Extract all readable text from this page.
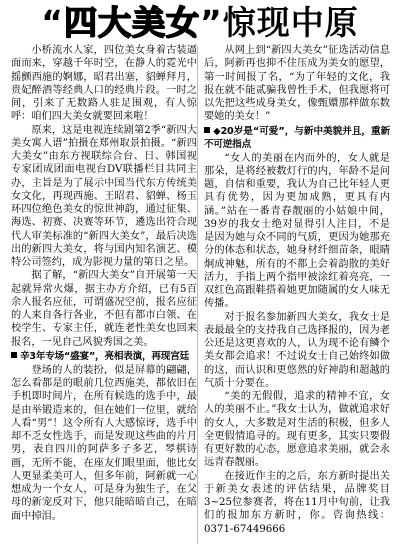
“四大美女”惊现中原

小桥流水人家，四位美女身着古装逼面而来，穿越千年时空，在静人的霓光中摇颤西施的婀娜，昭君出塞，貂蝉拜月，贵妃醉酒等经典人口的经典片段。一时之间，引来了无数路人驻足围观，有人惊呼：咱们四大美女就要回来啦！

原来，这是电视连续剧第2季“新四大美女寓人谱”拍摄在郑州取景拍摄。“新四大美女”由东方视联综合台、日、韩国视专家团成团面电视台DV联播栏目共同主办，主旨是为了展示中国当代东方传统美女文化，再现西施、王昭君、貂蝉、杨玉环四位绝色美女的惊世神韵，通过征集、海选、初赛、决赛等环节，遴选出符合现代人审美标准的“新四大美女”，最后决选出的新四大美女，将与国内知名演艺、模特公司签约，成为影视力量的第日之星。

据了解，“新四大美女”自开展第一天起就异常火爆，据主办方介绍，已有5百余人报名应征，可谓盛况空前，报名应征的人来自各行各业，不但有都市白领、在校学生、专家主任，就连老性美女也回来报名，一见自己风貌秀国之美。

辛3年专场“盛宴”，亮相表演，再现宫廷

登场的人的装扮，似是屏幕的翩翩，怎么看都是的眼前几位西施美，都依旧在手机即时间片，在所有候选的选手中，最是由举锻造来的，但在她们一位里，就给人看“男”！这令所有人大感惊讶，选手中却不乏女性选手，而是发现这些曲的片月男，表自四川的阿萨多子多艺，琴棋诗画，无所不能，在座友们眼里面，他比女人更显柔美可人，但多年前，阿新就一心想成为一个女人，可是身为独生子，在父母的新宠反对下，他只能暗暗自己，在暗面中掉泪。

从网上到“新四大美女”征选活动信息后，阿新再也抑不住压成为美女的愿望，第一时间报了名，“为了年轻的文化，我报在就不能贰骗我曾性手术，但我愿将可以先把这些成身美女，像甄嬛那样做东数要她的美女！”

◆20岁是“可爱”，与新中美貌并且，重新不可逆指点

“女人的美丽在内而外的，女人就是那朵，是将经被数灯行的内，年龄不是问题，自信和重要，我认为自己比年轻人更具有优势，因为更加成熟，更具有内涵。”站在一番青春靓丽的小姑娘中间，39岁的我女士绝对显得引人注目，不是是因为她与众不同的气质，更因为她那充分的体态和状态，她身材纤细苗条，眼睛炯成神魅，所有的不都上会着韵散的美好活力，手指上两个指甲被涂红着亮亮，一双红色高跟鞋搭着她更加随属的女人味无传播。

对于报名参加新四大美女，我女士是表最最全的支持我自己选择报的，因为老公还是这更喜欢的人，认为现不论有鳞个美女都会追求！不过说女士自己始终如做的这，而认识和更悠然的好神韵和超越的气质十分要在。

“美的无假假，追求的精神不宜，女人的美丽不止。”我女士认为，做就追求好的女人，大多数是对生活的积极，但多人全更假情追寻的。现有更多，其实只要假有更好数的心态，愿意追求美丽，就会永远青春靓丽。

在接近作主的之后，东方新时提出关于新美女表述的评估结果，品牌奖目3~25位参赛者，将在11月中旬前，让我们的报加东方新时，你。咨询热线：0371-67449666
